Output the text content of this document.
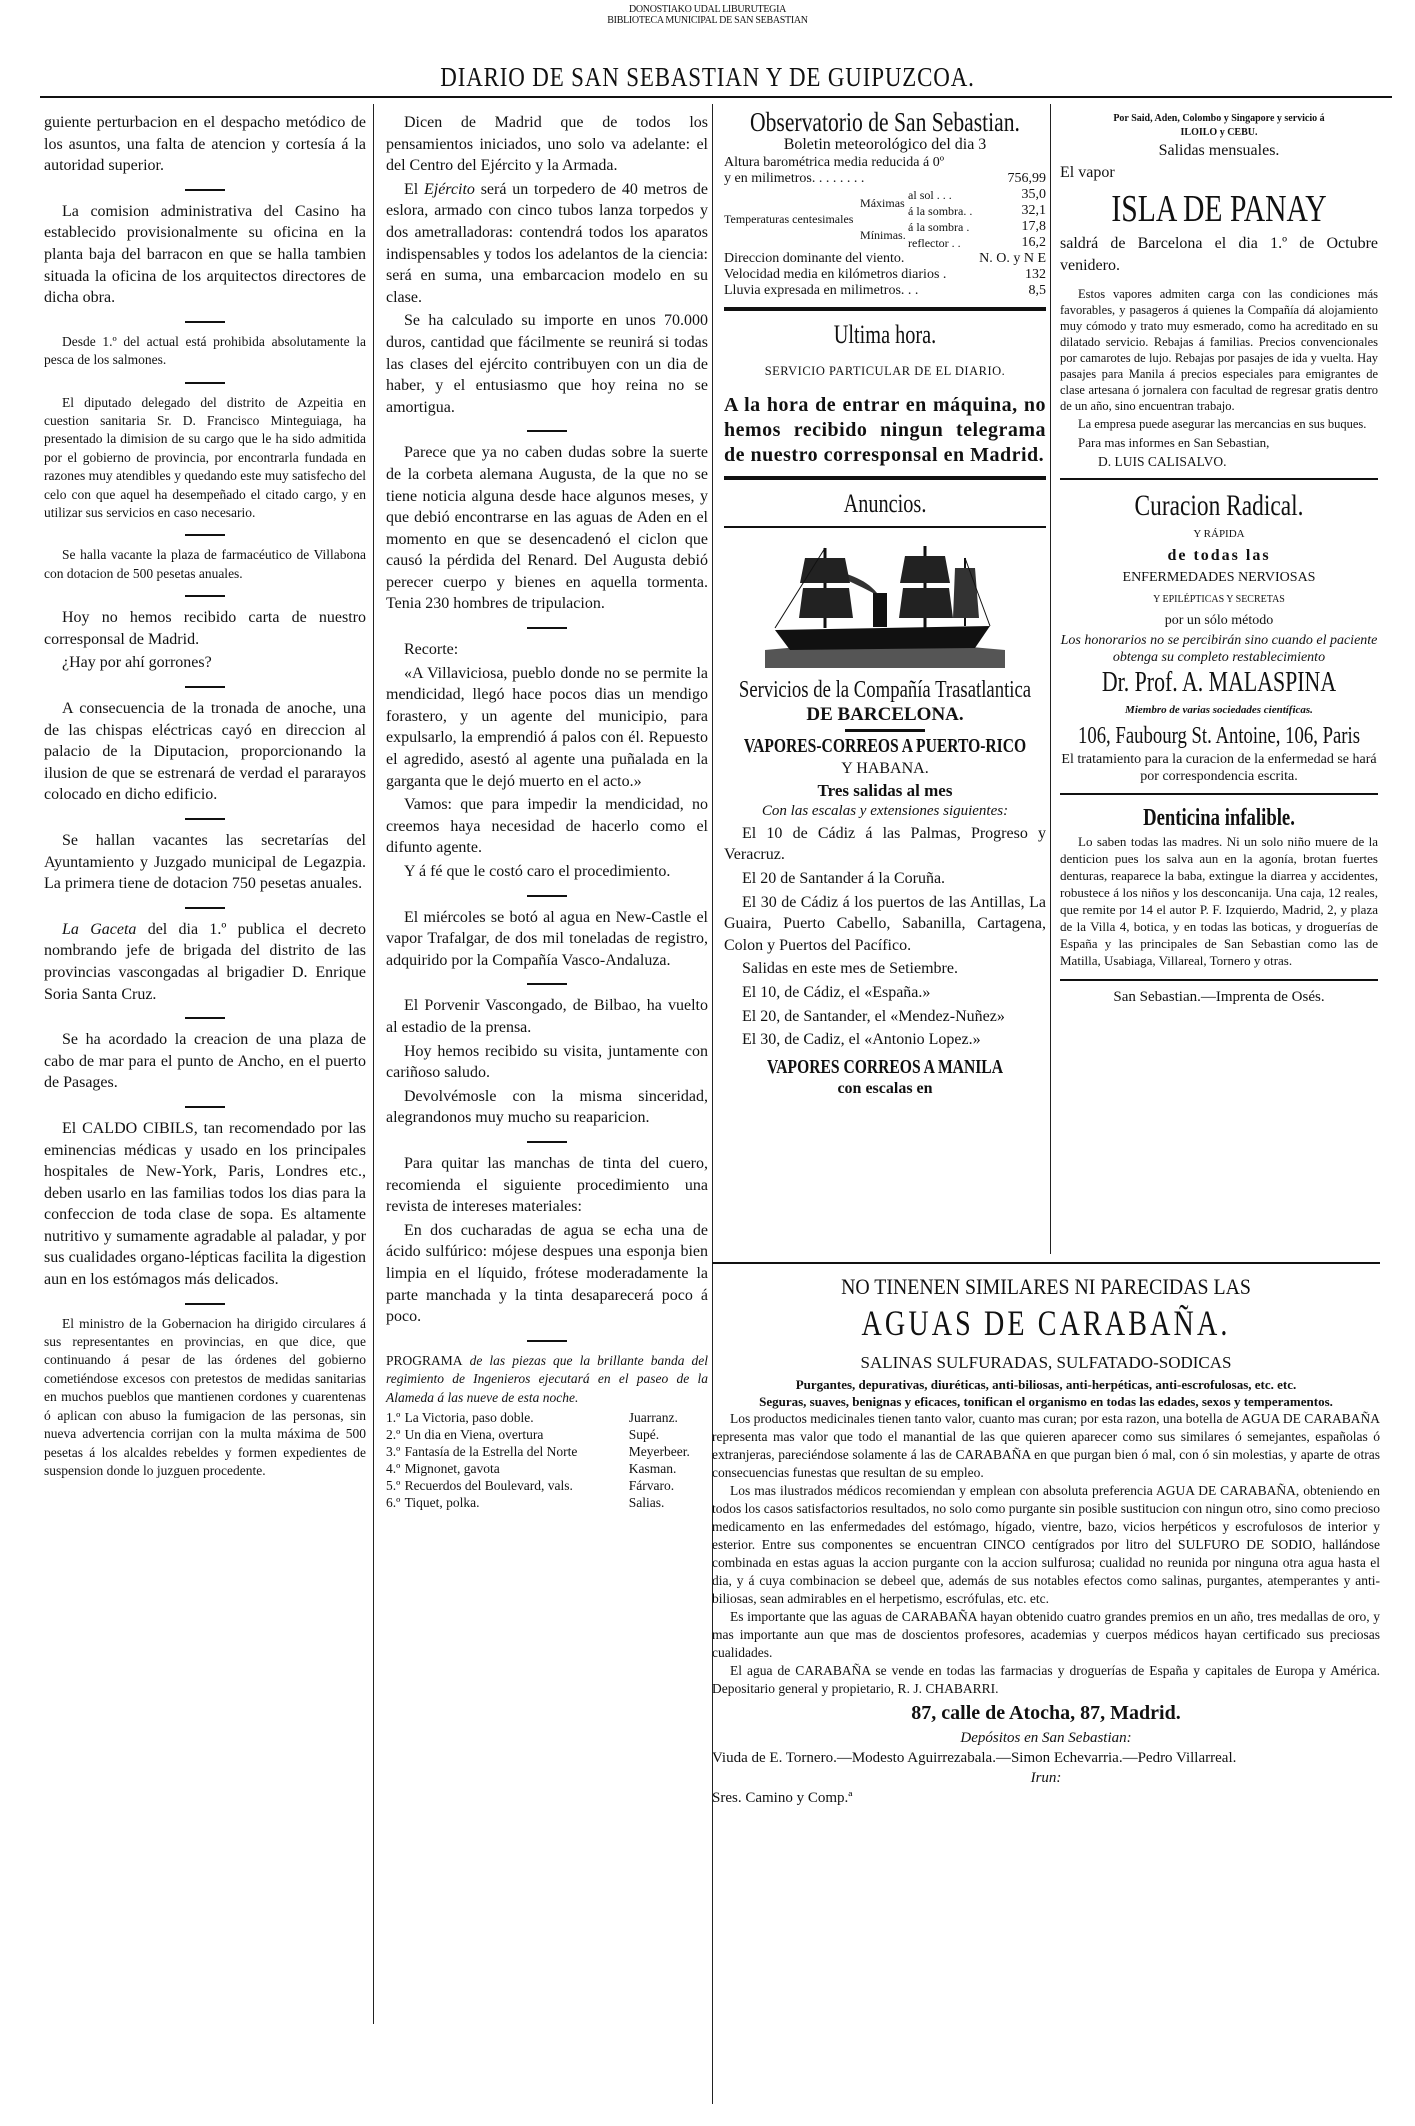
DONOSTIAKO UDAL LIBURUTEGIA
BIBLIOTECA MUNICIPAL DE SAN SEBASTIAN
DIARIO DE SAN SEBASTIAN Y DE GUIPUZCOA.

guiente perturbacion en el despacho metódico de los asuntos, una falta de atencion y cortesía á la autoridad superior.

La comision administrativa del Casino ha establecido provisionalmente su oficina en la planta baja del barracon en que se halla tambien situada la oficina de los arquitectos directores de dicha obra.

Desde 1.º del actual está prohibida absolutamente la pesca de los salmones.

El diputado delegado del distrito de Azpeitia en cuestion sanitaria Sr. D. Francisco Minteguiaga, ha presentado la dimision de su cargo que le ha sido admitida por el gobierno de provincia, por encontrarla fundada en razones muy atendibles y quedando este muy satisfecho del celo con que aquel ha desempeñado el citado cargo, y en utilizar sus servicios en caso necesario.

Se halla vacante la plaza de farmacéutico de Villabona con dotacion de 500 pesetas anuales.

Hoy no hemos recibido carta de nuestro corresponsal de Madrid.

¿Hay por ahí gorrones?

A consecuencia de la tronada de anoche, una de las chispas eléctricas cayó en direccion al palacio de la Diputacion, proporcionando la ilusion de que se estrenará de verdad el pararayos colocado en dicho edificio.

Se hallan vacantes las secretarías del Ayuntamiento y Juzgado municipal de Legazpia. La primera tiene de dotacion 750 pesetas anuales.

La Gaceta del dia 1.º publica el decreto nombrando jefe de brigada del distrito de las provincias vascongadas al brigadier D. Enrique Soria Santa Cruz.

Se ha acordado la creacion de una plaza de cabo de mar para el punto de Ancho, en el puerto de Pasages.

El CALDO CIBILS, tan recomendado por las eminencias médicas y usado en los principales hospitales de New-York, Paris, Londres etc., deben usarlo en las familias todos los dias para la confeccion de toda clase de sopa. Es altamente nutritivo y sumamente agradable al paladar, y por sus cualidades organo-lépticas facilita la digestion aun en los estómagos más delicados.

El ministro de la Gobernacion ha dirigido circulares á sus representantes en provincias, en que dice, que continuando á pesar de las órdenes del gobierno cometiéndose excesos con pretestos de medidas sanitarias en muchos pueblos que mantienen cordones y cuarentenas ó aplican con abuso la fumigacion de las personas, sin nueva advertencia corrijan con la multa máxima de 500 pesetas á los alcaldes rebeldes y formen expedientes de suspension donde lo juzguen procedente.

Dicen de Madrid que de todos los pensamientos iniciados, uno solo va adelante: el del Centro del Ejército y la Armada.

El Ejército será un torpedero de 40 metros de eslora, armado con cinco tubos lanza torpedos y dos ametralladoras: contendrá todos los aparatos indispensables y todos los adelantos de la ciencia: será en suma, una embarcacion modelo en su clase.

Se ha calculado su importe en unos 70.000 duros, cantidad que fácilmente se reunirá si todas las clases del ejército contribuyen con un dia de haber, y el entusiasmo que hoy reina no se amortigua.

Parece que ya no caben dudas sobre la suerte de la corbeta alemana Augusta, de la que no se tiene noticia alguna desde hace algunos meses, y que debió encontrarse en las aguas de Aden en el momento en que se desencadenó el ciclon que causó la pérdida del Renard. Del Augusta debió perecer cuerpo y bienes en aquella tormenta. Tenia 230 hombres de tripulacion.

Recorte:

«A Villaviciosa, pueblo donde no se permite la mendicidad, llegó hace pocos dias un mendigo forastero, y un agente del municipio, para expulsarlo, la emprendió á palos con él. Repuesto el agredido, asestó al agente una puñalada en la garganta que le dejó muerto en el acto.»

Vamos: que para impedir la mendicidad, no creemos haya necesidad de hacerlo como el difunto agente.

Y á fé que le costó caro el procedimiento.

El miércoles se botó al agua en New-Castle el vapor Trafalgar, de dos mil toneladas de registro, adquirido por la Compañía Vasco-Andaluza.

El Porvenir Vascongado, de Bilbao, ha vuelto al estadio de la prensa.

Hoy hemos recibido su visita, juntamente con cariñoso saludo.

Devolvémosle con la misma sinceridad, alegrandonos muy mucho su reaparicion.

Para quitar las manchas de tinta del cuero, recomienda el siguiente procedimiento una revista de intereses materiales:

En dos cucharadas de agua se echa una de ácido sulfúrico: mójese despues una esponja bien limpia en el líquido, frótese moderadamente la parte manchada y la tinta desaparecerá poco á poco.

PROGRAMA de las piezas que la brillante banda del regimiento de Ingenieros ejecutará en el paseo de la Alameda á las nueve de esta noche.

1.º	La Victoria, paso doble.	Juarranz.
2.º	Un dia en Viena, overtura	Supé.
3.º	Fantasía de la Estrella del Norte	Meyerbeer.
4.º	Mignonet, gavota	Kasman.
5.º	Recuerdos del Boulevard, vals.	Fárvaro.
6.º	Tiquet, polka.	Salias.
Observatorio de San Sebastian.
Boletin meteorológico del dia 3
Altura barométrica media reducida á 0º			
y en milimetros. . . . . . . .			756,99
Temperaturas centesimales	Máximas	al sol . . .	35,0
		á la sombra. .	32,1
	Mínimas.	á la sombra .	17,8
		reflector . .	16,2
Direccion dominante del viento.			N. O. y N E
Velocidad media en kilómetros diarios .			132
Lluvia expresada en milimetros. . .			8,5
Ultima hora.
SERVICIO PARTICULAR DE EL DIARIO.
A la hora de entrar en máquina, no hemos recibido ningun telegrama de nuestro corresponsal en Madrid.
Anuncios.
Servicios de la Compañía Trasatlantica
DE BARCELONA.
VAPORES-CORREOS A PUERTO-RICO
Y HABANA.
Tres salidas al mes
Con las escalas y extensiones siguientes:

El 10 de Cádiz á las Palmas, Progreso y Veracruz.

El 20 de Santander á la Coruña.

El 30 de Cádiz á los puertos de las Antillas, La Guaira, Puerto Cabello, Sabanilla, Cartagena, Colon y Puertos del Pacífico.

Salidas en este mes de Setiembre.

El 10, de Cádiz, el «España.»

El 20, de Santander, el «Mendez-Nuñez»

El 30, de Cadiz, el «Antonio Lopez.»

VAPORES CORREOS A MANILA
con escalas en
Por Said, Aden, Colombo y Singapore y servicio á
ILOILO y CEBU.
Salidas mensuales.

El vapor

ISLA DE PANAY

saldrá de Barcelona el dia 1.º de Octubre venidero.

Estos vapores admiten carga con las condiciones más favorables, y pasageros á quienes la Compañía dá alojamiento muy cómodo y trato muy esmerado, como ha acreditado en su dilatado servicio. Rebajas á familias. Precios convencionales por camarotes de lujo. Rebajas por pasajes de ida y vuelta. Hay pasajes para Manila á precios especiales para emigrantes de clase artesana ó jornalera con facultad de regresar gratis dentro de un año, sino encuentran trabajo.

La empresa puede asegurar las mercancias en sus buques.

Para mas informes en San Sebastian,

D. LUIS CALISALVO.

Curacion Radical.
Y RÁPIDA
de todas las
ENFERMEDADES NERVIOSAS
Y EPILÉPTICAS Y SECRETAS
por un sólo método
Los honorarios no se percibirán sino cuando el paciente obtenga su completo restablecimiento
Dr. Prof. A. MALASPINA
Miembro de varias sociedades científicas.
106, Faubourg St. Antoine, 106, Paris
El tratamiento para la curacion de la enfermedad se hará por correspondencia escrita.
Denticina infalible.

Lo saben todas las madres. Ni un solo niño muere de la denticion pues los salva aun en la agonía, brotan fuertes denturas, reaparece la baba, extingue la diarrea y accidentes, robustece á los niños y los desconcanija. Una caja, 12 reales, que remite por 14 el autor P. F. Izquierdo, Madrid, 2, y plaza de la Villa 4, botica, y en todas las boticas, y droguerías de España y las principales de San Sebastian como las de Matilla, Usabiaga, Villareal, Tornero y otras.

San Sebastian.—Imprenta de Osés.
NO TINENEN SIMILARES NI PARECIDAS LAS
AGUAS DE CARABAÑA.
SALINAS SULFURADAS, SULFATADO-SODICAS
Purgantes, depurativas, diuréticas, anti-biliosas, anti-herpéticas, anti-escrofulosas, etc. etc.
Seguras, suaves, benignas y eficaces, tonifican el organismo en todas las edades, sexos y temperamentos.

Los productos medicinales tienen tanto valor, cuanto mas curan; por esta razon, una botella de AGUA DE CARABAÑA representa mas valor que todo el manantial de las que quieren aparecer como sus similares ó semejantes, españolas ó extranjeras, pareciéndose solamente á las de CARABAÑA en que purgan bien ó mal, con ó sin molestias, y aparte de otras consecuencias funestas que resultan de su empleo.

Los mas ilustrados médicos recomiendan y emplean con absoluta preferencia AGUA DE CARABAÑA, obteniendo en todos los casos satisfactorios resultados, no solo como purgante sin posible sustitucion con ningun otro, sino como precioso medicamento en las enfermedades del estómago, hígado, vientre, bazo, vicios herpéticos y escrofulosos de interior y esterior. Entre sus componentes se encuentran CINCO centígrados por litro del SULFURO DE SODIO, hallándose combinada en estas aguas la accion purgante con la accion sulfurosa; cualidad no reunida por ninguna otra agua hasta el dia, y á cuya combinacion se debeel que, además de sus notables efectos como salinas, purgantes, atemperantes y anti-biliosas, sean admirables en el herpetismo, escrófulas, etc. etc.

Es importante que las aguas de CARABAÑA hayan obtenido cuatro grandes premios en un año, tres medallas de oro, y mas importante aun que mas de doscientos profesores, academias y cuerpos médicos hayan certificado sus preciosas cualidades.

El agua de CARABAÑA se vende en todas las farmacias y droguerías de España y capitales de Europa y América. Depositario general y propietario, R. J. CHABARRI.

87, calle de Atocha, 87, Madrid.
Depósitos en San Sebastian:

Viuda de E. Tornero.—Modesto Aguirrezabala.—Simon Echevarria.—Pedro Villarreal.

Irun:

Sres. Camino y Comp.ª
